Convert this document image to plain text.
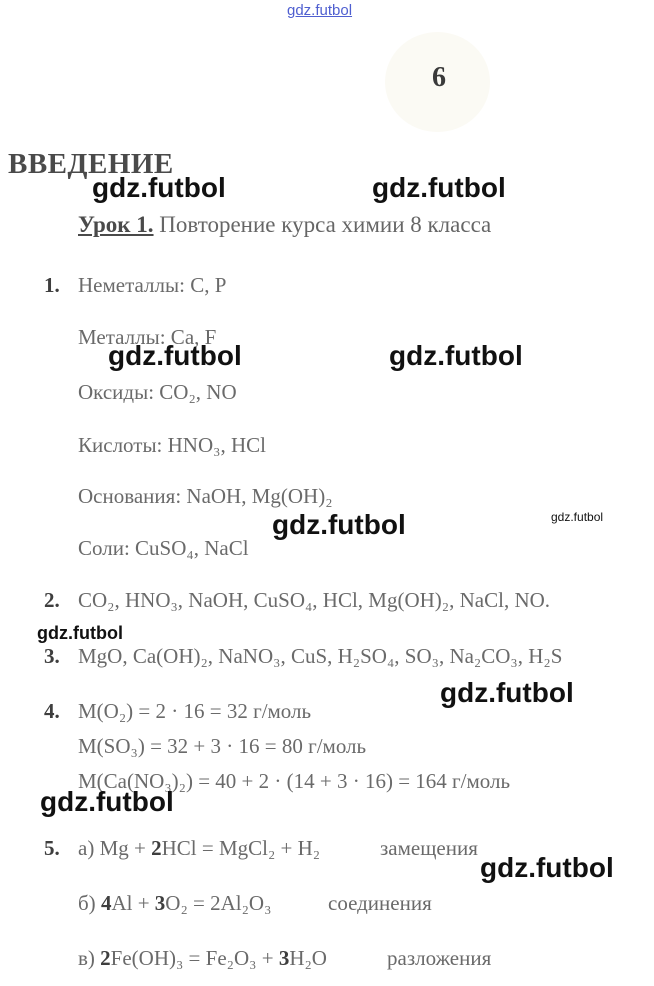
gdz.futbol
6
ВВЕДЕНИЕ
Урок 1. Повторение курса химии 8 класса
1. Неметаллы: С, Р
Металлы: Ca, F
Оксиды: CO₂, NO
Кислоты: HNO₃, HCl
Основания: NaOH, Mg(OH)₂
Соли: CuSO₄, NaCl
2. CO₂, HNO₃, NaOH, CuSO₄, HCl, Mg(OH)₂, NaCl, NO.
3. MgO, Ca(OH)₂, NaNO₃, CuS, H₂SO₄, SO₃, Na₂CO₃, H₂S
4. M(O₂) = 2 · 16 = 32 г/моль
M(SO₃) = 32 + 3 · 16 = 80 г/моль
M(Ca(NO₃)₂) = 40 + 2 · (14 + 3 · 16) = 164 г/моль
5. а) Mg + 2HCl = MgCl₂ + H₂	замещения
б) 4Al + 3O₂ = 2Al₂O₃	соединения
в) 2Fe(OH)₃ = Fe₂O₃ + 3H₂O	разложения
gdz.futbol	gdz.futbol
gdz.futbol	gdz.futbol
gdz.futbol	gdz.futbol
gdz.futbol
gdz.futbol
gdz.futbol
gdz.futbol
